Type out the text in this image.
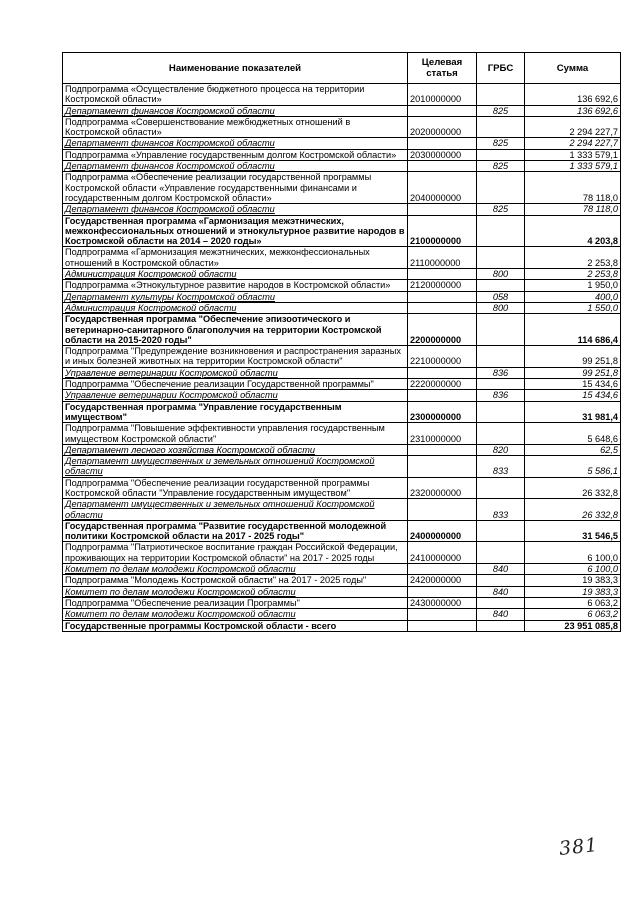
Наименование показателей	Целевая статья	ГРБС	Сумма
Подпрограмма «Осуществление бюджетного процесса на территории Костромской области»	2010000000		136 692,6
Департамент финансов Костромской области		825	136 692,6
Подпрограмма «Совершенствование межбюджетных отношений в Костромской области»	2020000000		2 294 227,7
Департамент финансов Костромской области		825	2 294 227,7
Подпрограмма «Управление государственным долгом Костромской области»	2030000000		1 333 579,1
Департамент финансов Костромской области		825	1 333 579,1
Подпрограмма «Обеспечение реализации государственной программы Костромской области «Управление государственными финансами и государственным долгом Костромской области»	2040000000		78 118,0
Департамент финансов Костромской области		825	78 118,0
Государственная программа «Гармонизация межэтнических, межконфессиональных отношений и этнокультурное развитие народов в Костромской области на 2014 – 2020 годы»	2100000000		4 203,8
Подпрограмма «Гармонизация межэтнических, межконфессиональных отношений в Костромской области»	2110000000		2 253,8
Администрация Костромской области		800	2 253,8
Подпрограмма «Этнокультурное развитие народов в Костромской области»	2120000000		1 950,0
Департамент культуры Костромской области		058	400,0
Администрация Костромской области		800	1 550,0
Государственная программа "Обеспечение эпизоотического и ветеринарно-санитарного благополучия на территории Костромской области на 2015-2020 годы"	2200000000		114 686,4
Подпрограмма "Предупреждение возникновения и распространения заразных и иных болезней животных на территории Костромской области"	2210000000		99 251,8
Управление ветеринарии Костромской области		836	99 251,8
Подпрограмма "Обеспечение реализации Государственной программы"	2220000000		15 434,6
Управление ветеринарии Костромской области		836	15 434,6
Государственная программа "Управление государственным имуществом"	2300000000		31 981,4
Подпрограмма "Повышение эффективности управления государственным имуществом Костромской области"	2310000000		5 648,6
Департамент лесного хозяйства Костромской области		820	62,5
Департамент имущественных и земельных отношений Костромской области		833	5 586,1
Подпрограмма "Обеспечение реализации государственной программы Костромской области "Управление государственным имуществом"	2320000000		26 332,8
Департамент имущественных и земельных отношений Костромской области		833	26 332,8
Государственная программа "Развитие государственной молодежной политики Костромской области на 2017 - 2025 годы"	2400000000		31 546,5
Подпрограмма "Патриотическое воспитание граждан Российской Федерации, проживающих на территории Костромской области" на 2017 - 2025 годы	2410000000		6 100,0
Комитет по делам молодежи Костромской области		840	6 100,0
Подпрограмма "Молодежь Костромской области" на 2017 - 2025 годы"	2420000000		19 383,3
Комитет по делам молодежи Костромской области		840	19 383,3
Подпрограмма "Обеспечение реализации Программы"	2430000000		6 063,2
Комитет по делам молодежи Костромской области		840	6 063,2
Государственные программы Костромской области - всего			23 951 085,8
381
